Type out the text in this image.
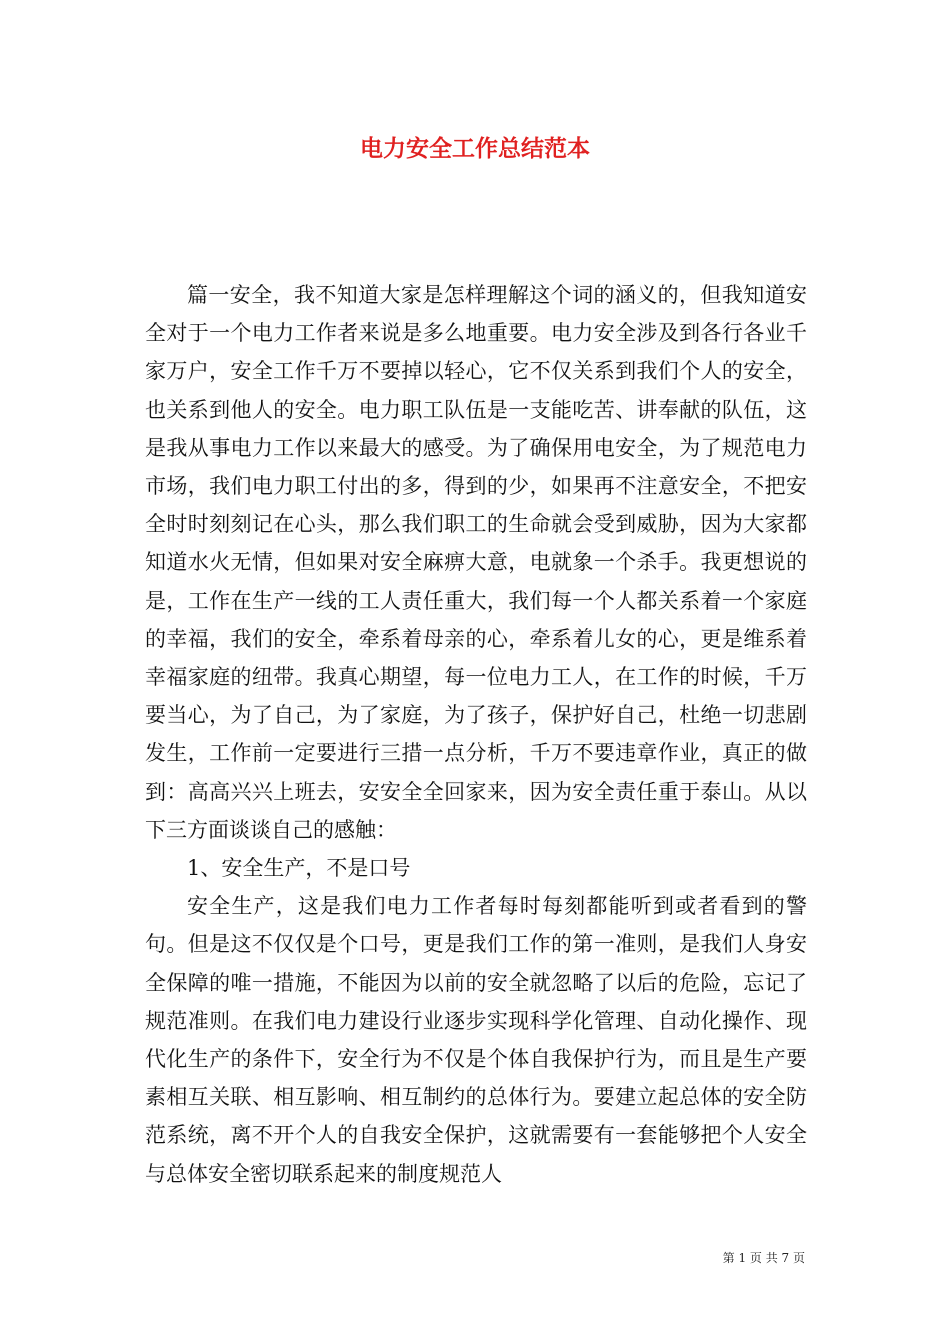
电力安全工作总结范本

篇一安全，我不知道大家是怎样理解这个词的涵义的，但我知道安全对于一个电力工作者来说是多么地重要。电力安全涉及到各行各业千家万户，安全工作千万不要掉以轻心，它不仅关系到我们个人的安全，也关系到他人的安全。电力职工队伍是一支能吃苦、讲奉献的队伍，这是我从事电力工作以来最大的感受。为了确保用电安全，为了规范电力市场，我们电力职工付出的多，得到的少，如果再不注意安全，不把安全时时刻刻记在心头，那么我们职工的生命就会受到威胁，因为大家都知道水火无情，但如果对安全麻痹大意，电就象一个杀手。我更想说的是，工作在生产一线的工人责任重大，我们每一个人都关系着一个家庭的幸福，我们的安全，牵系着母亲的心，牵系着儿女的心，更是维系着幸福家庭的纽带。我真心期望，每一位电力工人，在工作的时候，千万要当心，为了自己，为了家庭，为了孩子，保护好自己，杜绝一切悲剧发生，工作前一定要进行三措一点分析，千万不要违章作业，真正的做到：高高兴兴上班去，安安全全回家来，因为安全责任重于泰山。从以下三方面谈谈自己的感触：

1、安全生产，不是口号

安全生产，这是我们电力工作者每时每刻都能听到或者看到的警句。但是这不仅仅是个口号，更是我们工作的第一准则，是我们人身安全保障的唯一措施，不能因为以前的安全就忽略了以后的危险，忘记了规范准则。在我们电力建设行业逐步实现科学化管理、自动化操作、现代化生产的条件下，安全行为不仅是个体自我保护行为，而且是生产要素相互关联、相互影响、相互制约的总体行为。要建立起总体的安全防范系统，离不开个人的自我安全保护，这就需要有一套能够把个人安全与总体安全密切联系起来的制度规范人

第 1 页 共 7 页
